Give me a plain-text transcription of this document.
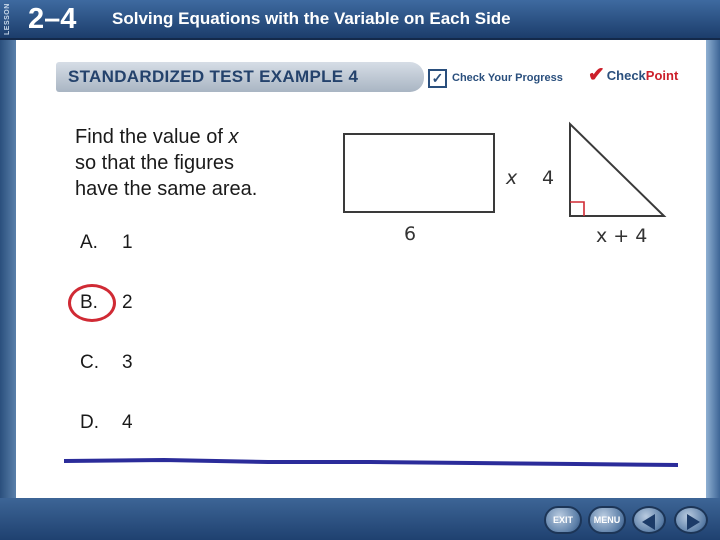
LESSON 2–4 Solving Equations with the Variable on Each Side
STANDARDIZED TEST EXAMPLE 4	✓ Check Your Progress ✔ CheckPoint
Find the value of x
so that the figures
have the same area.
A. 1
B. 2
C. 3
D. 4
x
6
4
x + 4
EXIT	MENU
